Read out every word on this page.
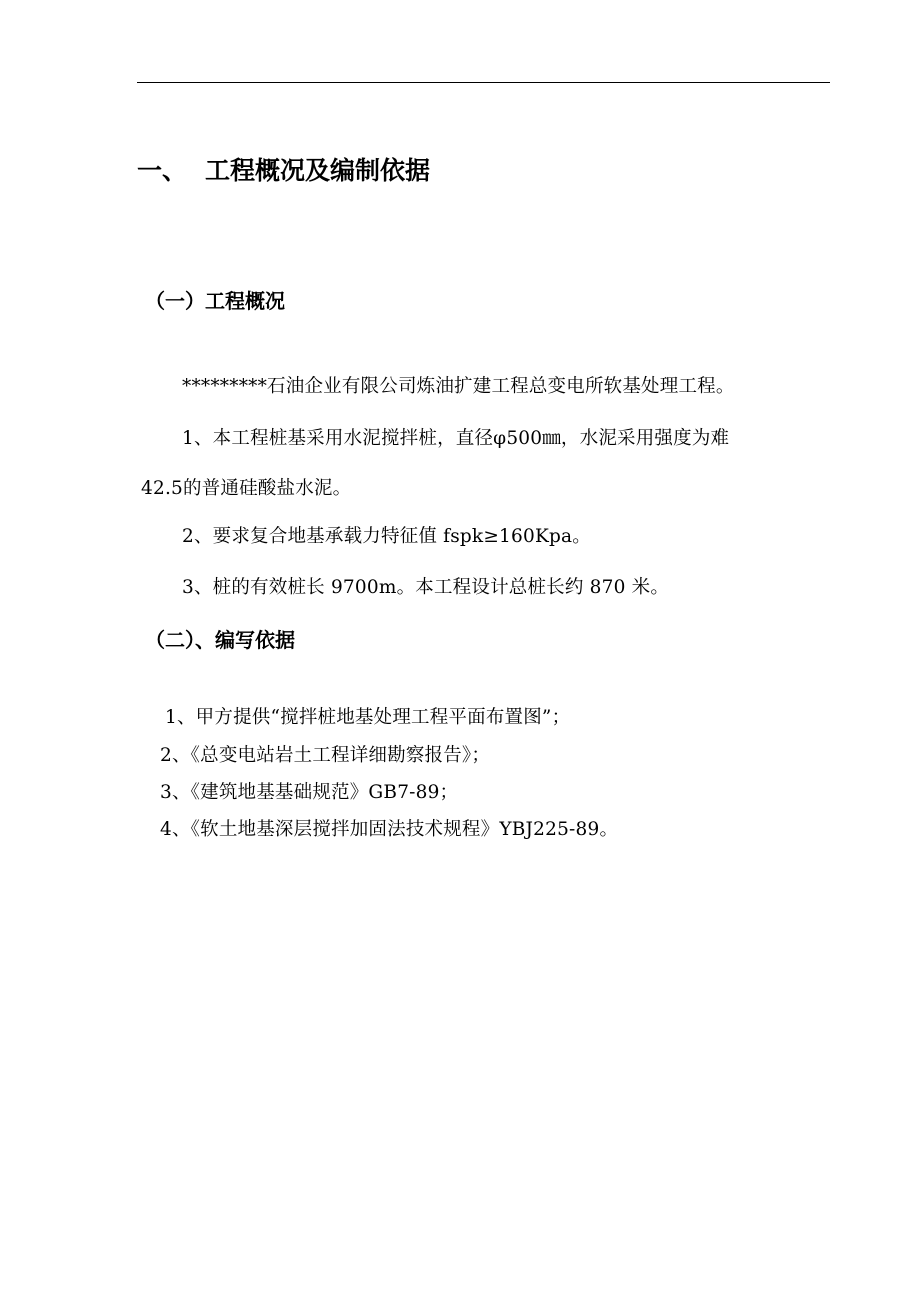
一、 工程概况及编制依据
（一）工程概况
*********石油企业有限公司炼油扩建工程总变电所软基处理工程。
1、本工程桩基采用水泥搅拌桩，直径φ500㎜，水泥采用强度为难
42.5的普通硅酸盐水泥。
2、要求复合地基承载力特征值 fspk≥160Kpa。
3、桩的有效桩长 9700m。本工程设计总桩长约 870 米。
（二）、编写依据
1、甲方提供“搅拌桩地基处理工程平面布置图”；
2、《总变电站岩土工程详细勘察报告》；
3、《建筑地基基础规范》GB7-89；
4、《软土地基深层搅拌加固法技术规程》YBJ225-89。
